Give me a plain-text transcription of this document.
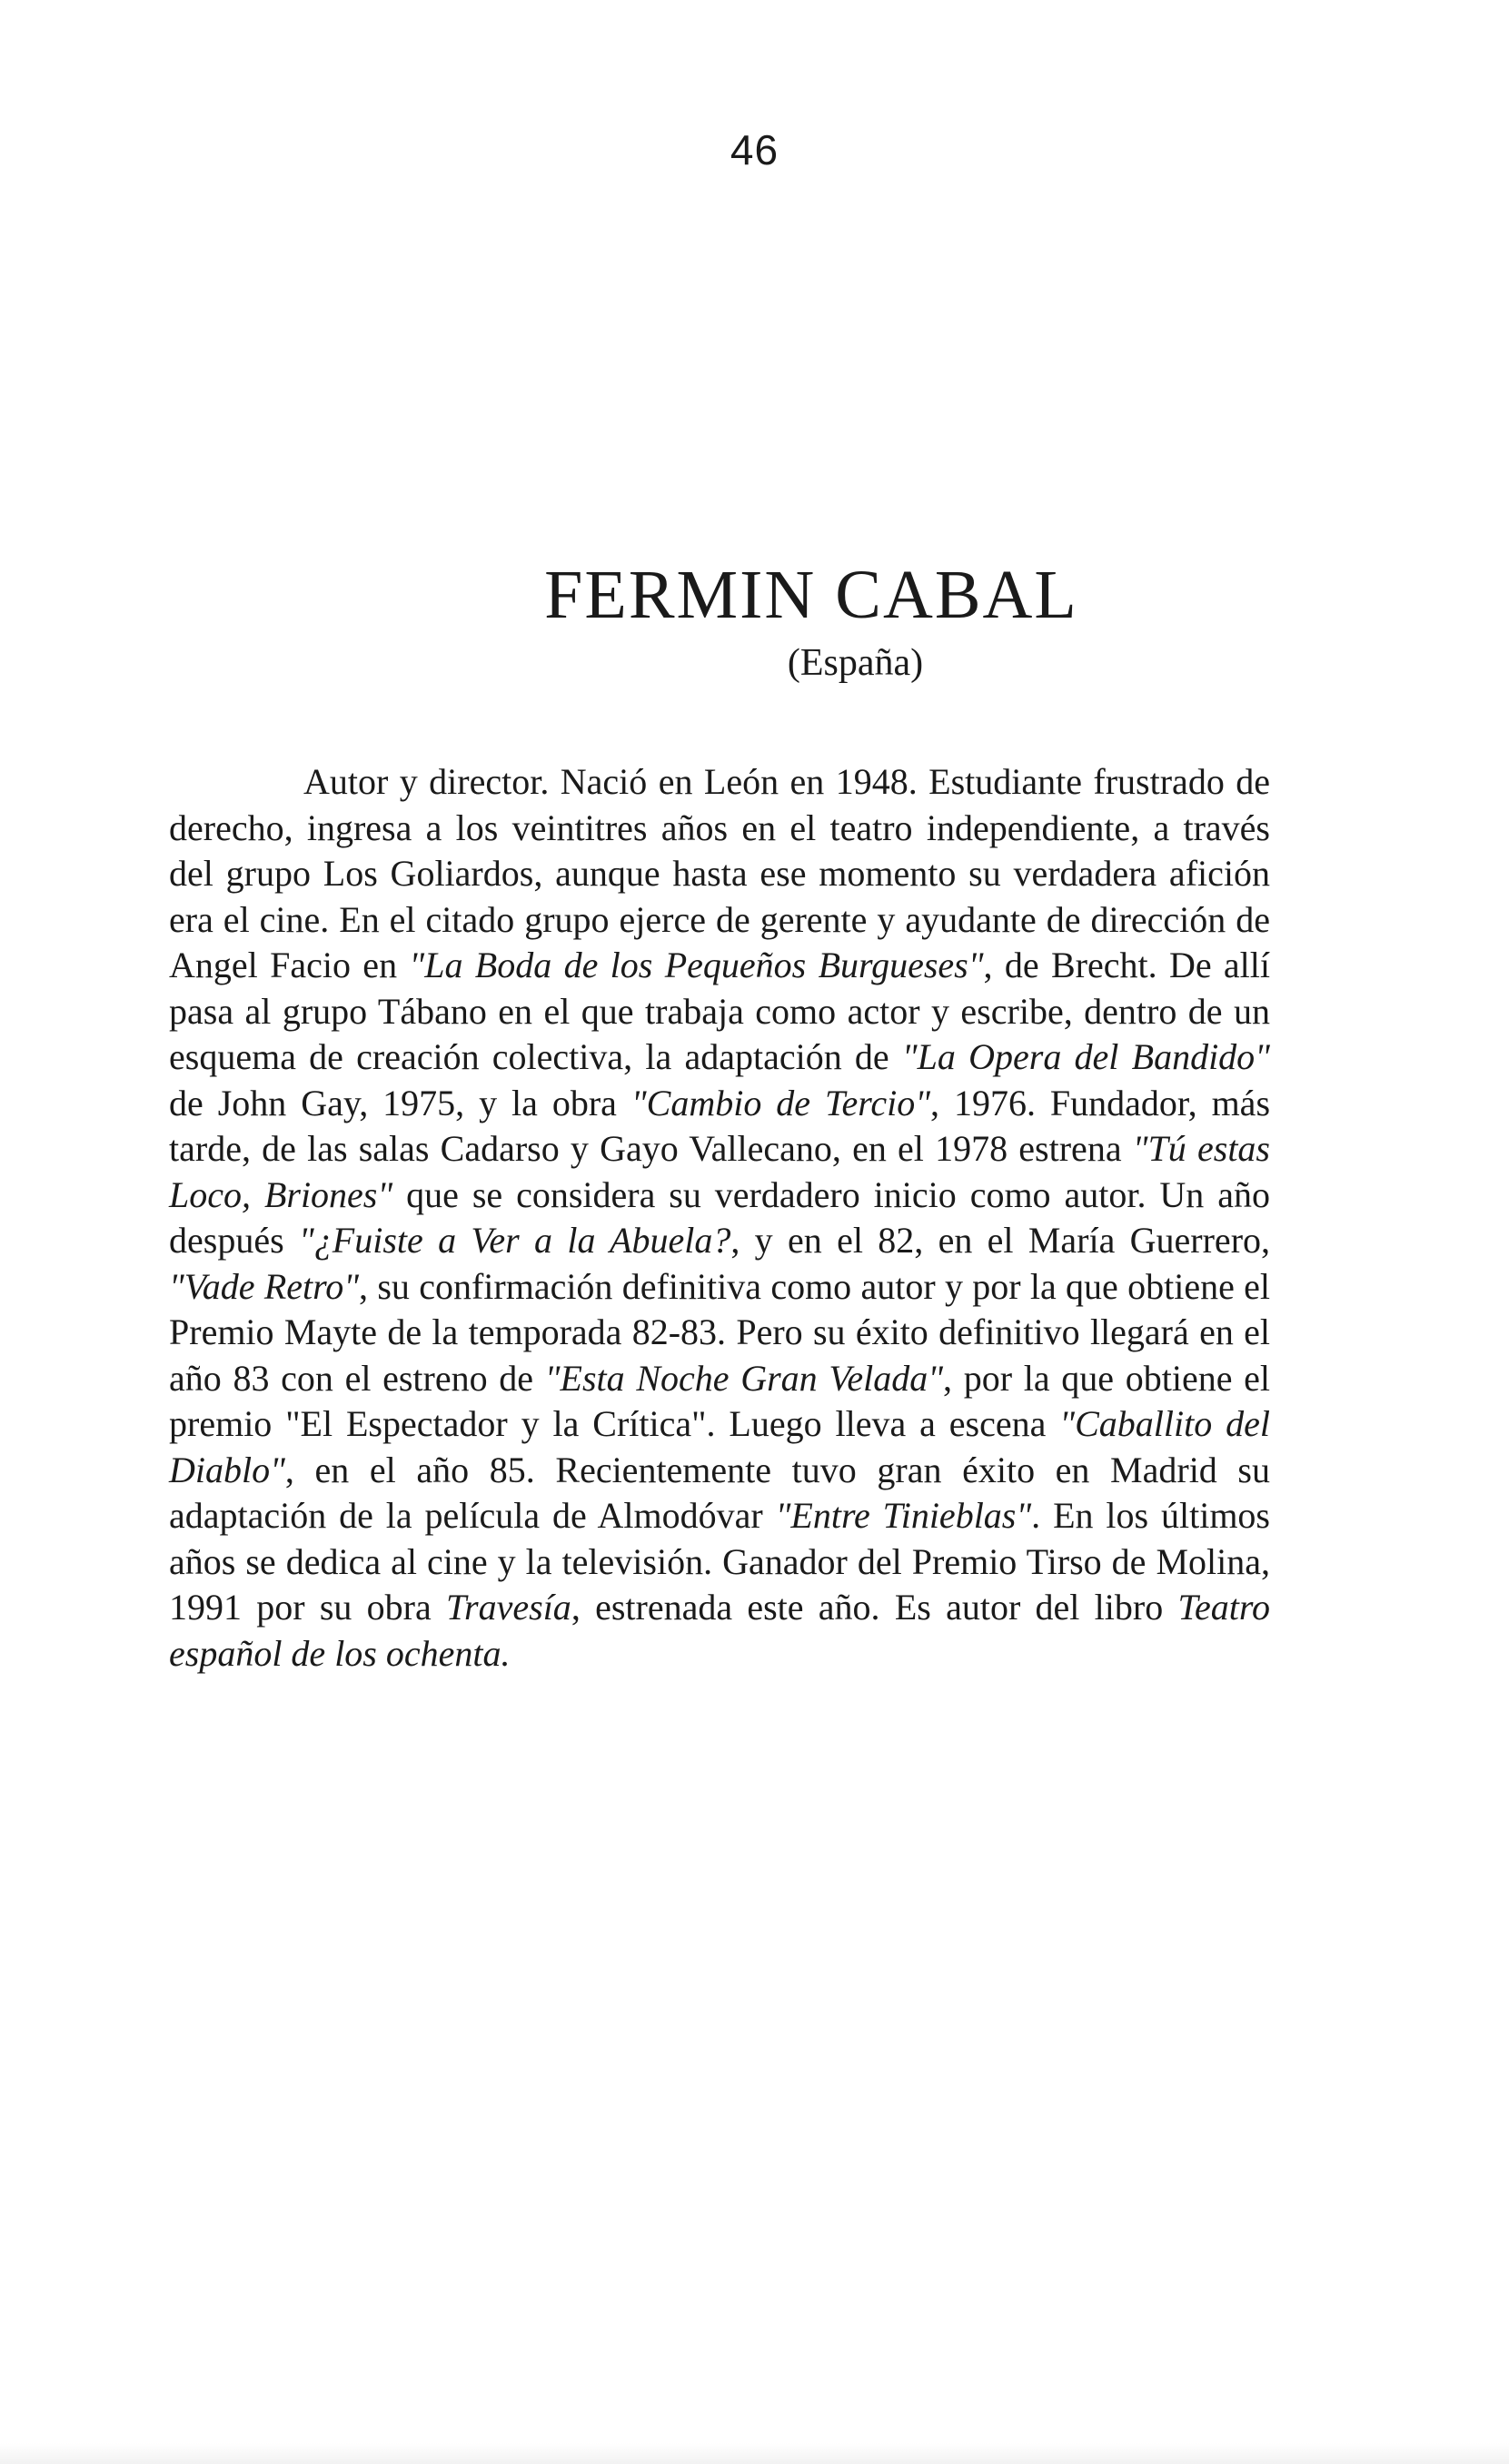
46
FERMIN CABAL
(España)

Autor y director. Nació en León en 1948. Estudiante frustrado de derecho, ingresa a los veintitres años en el teatro independiente, a través del grupo Los Goliardos, aunque hasta ese momento su verdadera afición era el cine. En el citado grupo ejerce de gerente y ayudante de dirección de Angel Facio en "La Boda de los Pequeños Burgueses", de Brecht. De allí pasa al grupo Tábano en el que trabaja como actor y escribe, dentro de un esquema de creación colectiva, la adaptación de "La Opera del Bandido" de John Gay, 1975, y la obra "Cambio de Tercio", 1976. Fundador, más tarde, de las salas Cadarso y Gayo Vallecano, en el 1978 estrena "Tú estas Loco, Briones" que se considera su verdadero inicio como autor. Un año después "¿Fuiste a Ver a la Abuela?, y en el 82, en el María Guerrero, "Vade Retro", su confirmación definitiva como autor y por la que obtiene el Premio Mayte de la temporada 82-83. Pero su éxito definitivo llegará en el año 83 con el estreno de "Esta Noche Gran Velada", por la que obtiene el premio "El Espectador y la Crítica". Luego lleva a escena "Caballito del Diablo", en el año 85. Recientemente tuvo gran éxito en Madrid su adaptación de la película de Almodóvar "Entre Tinieblas". En los últimos años se dedica al cine y la televisión. Ganador del Premio Tirso de Molina, 1991 por su obra Travesía, estrenada este año. Es autor del libro Teatro español de los ochenta.
